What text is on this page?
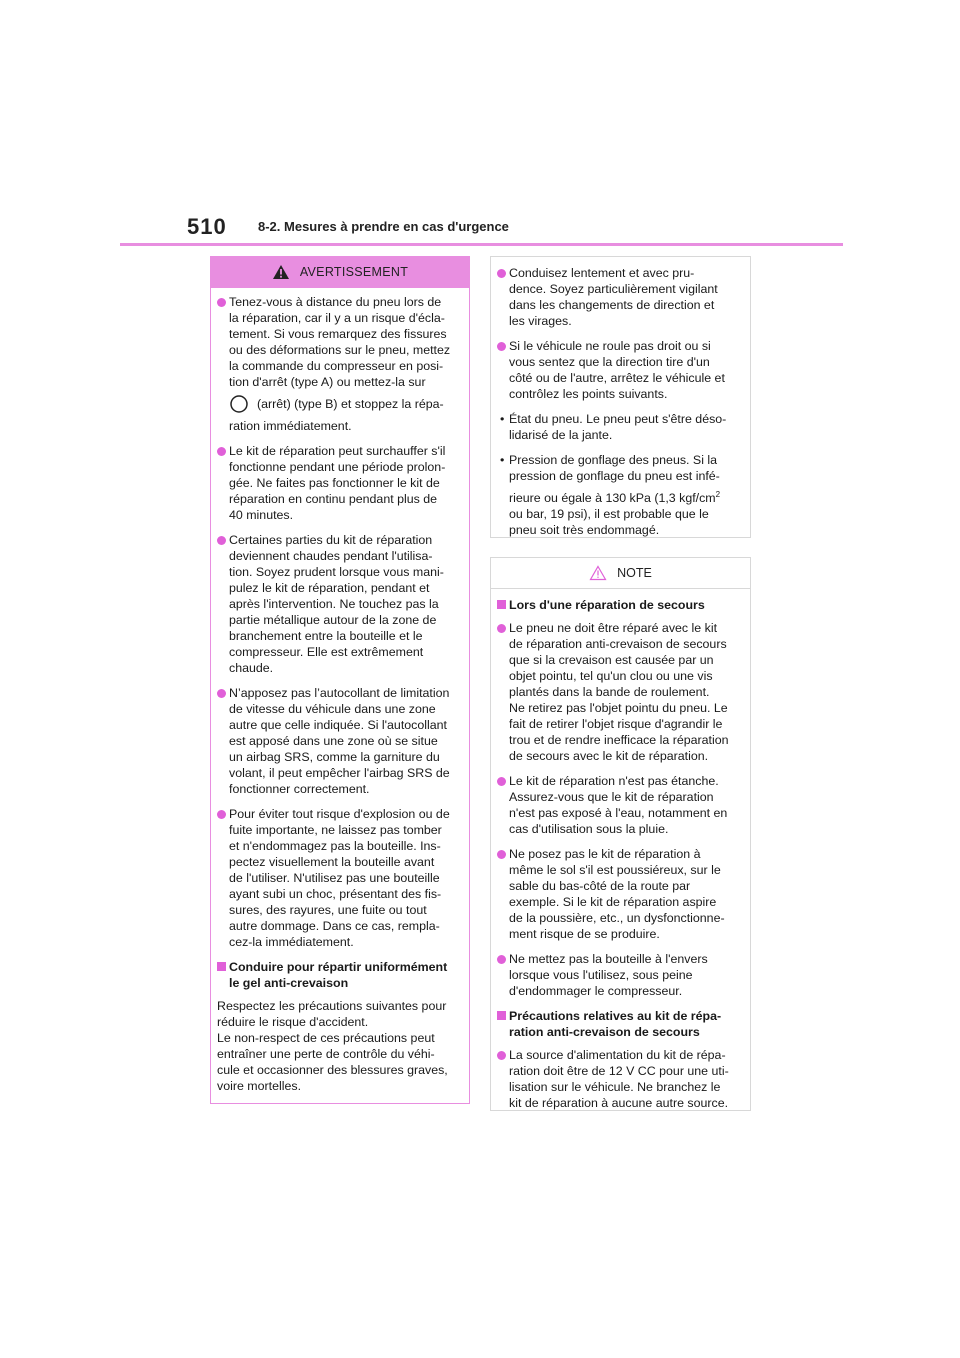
510 8-2. Mesures à prendre en cas d'urgence
AVERTISSEMENT
Tenez-vous à distance du pneu lors de
la réparation, car il y a un risque d'écla-
tement. Si vous remarquez des fissures
ou des déformations sur le pneu, mettez
la commande du compresseur en posi-
tion d'arrêt (type A) ou mettez-la sur
(arrêt) (type B) et stoppez la répa-
ration immédiatement.
Le kit de réparation peut surchauffer s'il
fonctionne pendant une période prolon-
gée. Ne faites pas fonctionner le kit de
réparation en continu pendant plus de
40 minutes.
Certaines parties du kit de réparation
deviennent chaudes pendant l'utilisa-
tion. Soyez prudent lorsque vous mani-
pulez le kit de réparation, pendant et
après l'intervention. Ne touchez pas la
partie métallique autour de la zone de
branchement entre la bouteille et le
compresseur. Elle est extrêmement
chaude.
N’apposez pas l’autocollant de limitation
de vitesse du véhicule dans une zone
autre que celle indiquée. Si l'autocollant
est apposé dans une zone où se situe
un airbag SRS, comme la garniture du
volant, il peut empêcher l'airbag SRS de
fonctionner correctement.
Pour éviter tout risque d'explosion ou de
fuite importante, ne laissez pas tomber
et n'endommagez pas la bouteille. Ins-
pectez visuellement la bouteille avant
de l'utiliser. N'utilisez pas une bouteille
ayant subi un choc, présentant des fis-
sures, des rayures, une fuite ou tout
autre dommage. Dans ce cas, rempla-
cez-la immédiatement.
Conduire pour répartir uniformément
le gel anti-crevaison
Respectez les précautions suivantes pour
réduire le risque d'accident.
Le non-respect de ces précautions peut
entraîner une perte de contrôle du véhi-
cule et occasionner des blessures graves,
voire mortelles.
Conduisez lentement et avec pru-
dence. Soyez particulièrement vigilant
dans les changements de direction et
les virages.
Si le véhicule ne roule pas droit ou si
vous sentez que la direction tire d'un
côté ou de l'autre, arrêtez le véhicule et
contrôlez les points suivants.
• État du pneu. Le pneu peut s'être déso-
lidarisé de la jante.
• Pression de gonflage des pneus. Si la
pression de gonflage du pneu est infé-
rieure ou égale à 130 kPa (1,3 kgf/$cm^2$
ou bar, 19 psi), il est probable que le
pneu soit très endommagé.
NOTE
Lors d'une réparation de secours
Le pneu ne doit être réparé avec le kit
de réparation anti-crevaison de secours
que si la crevaison est causée par un
objet pointu, tel qu'un clou ou une vis
plantés dans la bande de roulement.
Ne retirez pas l'objet pointu du pneu. Le
fait de retirer l'objet risque d'agrandir le
trou et de rendre inefficace la réparation
de secours avec le kit de réparation.
Le kit de réparation n'est pas étanche.
Assurez-vous que le kit de réparation
n'est pas exposé à l'eau, notamment en
cas d'utilisation sous la pluie.
Ne posez pas le kit de réparation à
même le sol s'il est poussiéreux, sur le
sable du bas-côté de la route par
exemple. Si le kit de réparation aspire
de la poussière, etc., un dysfonctionne-
ment risque de se produire.
Ne mettez pas la bouteille à l'envers
lorsque vous l'utilisez, sous peine
d'endommager le compresseur.
Précautions relatives au kit de répa-
ration anti-crevaison de secours
La source d'alimentation du kit de répa-
ration doit être de 12 V CC pour une uti-
lisation sur le véhicule. Ne branchez le
kit de réparation à aucune autre source.
